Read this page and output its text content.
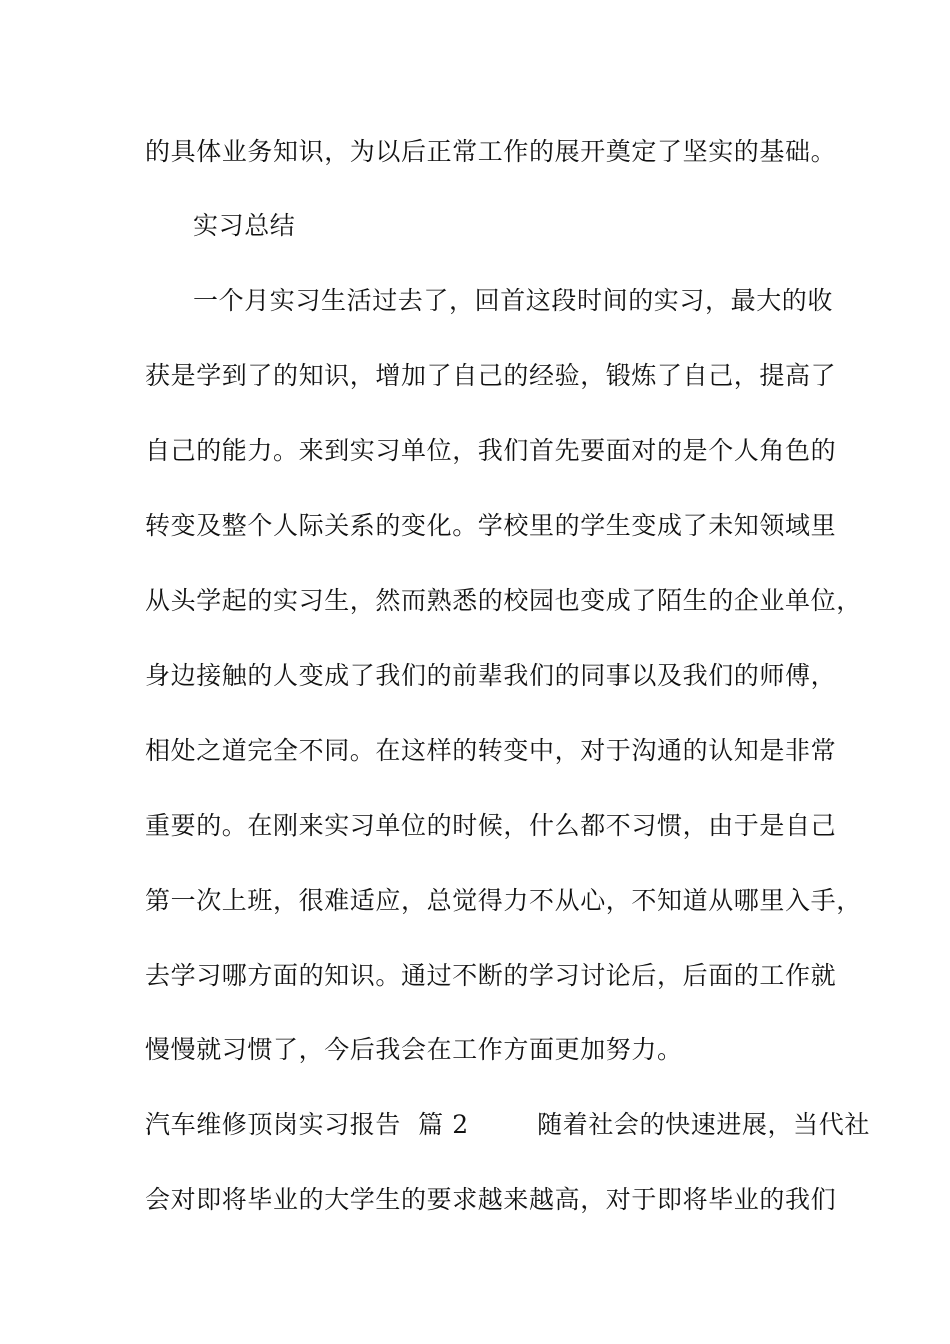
的具体业务知识，为以后正常工作的展开奠定了坚实的基础。
实习总结
一个月实习生活过去了，回首这段时间的实习，最大的收
获是学到了的知识，增加了自己的经验，锻炼了自己，提高了
自己的能力。来到实习单位，我们首先要面对的是个人角色的
转变及整个人际关系的变化。学校里的学生变成了未知领域里
从头学起的实习生，然而熟悉的校园也变成了陌生的企业单位，
身边接触的人变成了我们的前辈我们的同事以及我们的师傅，
相处之道完全不同。在这样的转变中，对于沟通的认知是非常
重要的。在刚来实习单位的时候，什么都不习惯，由于是自己
第一次上班，很难适应，总觉得力不从心，不知道从哪里入手，
去学习哪方面的知识。通过不断的学习讨论后，后面的工作就
慢慢就习惯了，今后我会在工作方面更加努力。
汽车维修顶岗实习报告  篇 2        随着社会的快速进展，当代社
会对即将毕业的大学生的要求越来越高，对于即将毕业的我们
